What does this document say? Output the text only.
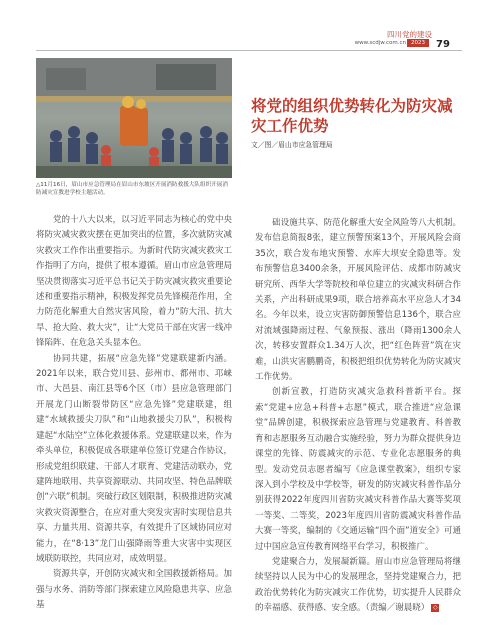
四川党的建设
www.scdjw.com.cn 2023	79
△11月16日，眉山市应急管理局在眉山市东坡区开展消防救援大队组织开展消防减灾宣教进学校主题活动。
将党的组织优势转化为防灾减灾工作优势
文／图／眉山市应急管理局

党的十八大以来，以习近平同志为核心的党中央将防灾减灾救灾摆在更加突出的位置，多次就防灾减灾救灾工作作出重要指示。为新时代防灾减灾救灾工作指明了方向，提供了根本遵循。眉山市应急管理局坚决贯彻落实习近平总书记关于防灾减灾救灾重要论述和重要指示精神，积极发挥党员先锋模范作用，全力防范化解重大自然灾害风险，着力“防大汛、抗大旱、抢大险、救大灾”，让“大党员干部在灾害一线冲锋陷阵、在危急关头显本色。

协同共建，拓展“应急先锋”党建联建新内涵。2021年以来，联合党川县、彭州市、都州市、邛崃市、大邑县、南江县等6个区（市）县应急管理部门开展龙门山断裂带防区“应急先锋”党建联建，组建“水域救援尖刀队”和“山地救援尖刀队”，积极构建起“水陆空”立体化救援体系。党建联建以来，作为牵头单位，积极促成各联建单位签订党建合作协议，形成党组织联建、干部人才联育、党建活动联办，党建阵地联用、共享资源联动、共同攻坚、特色品牌联创“六联”机制。突破行政区划限制，积极推进防灾减灾救灾资源整合，在应对重大突发灾害时实现信息共享、力量共用、资源共享，有效提升了区域协同应对能力，在“8·13”龙门山强降雨等重大灾害中实现区域联防联控，共同应对，成效明显。

资源共享，开创防灾减灾和全国救援新格局。加强与水务、消防等部门探索建立风险隐患共享、应急基

础设施共享、防范化解重大安全风险等八大机制。发布信息简报8张，建立预警预案13个，开展风险会商35次，联合发布地灾预警、水库大坝安全隐患等。发布预警信息3400余条，开展风险评估、成都市防减灾研究所、西华大学等院校和单位建立的灾减灾科研合作关系，产出科研成果9项，联合培养高水平应急人才34名。今年以来，设立灾害防御预警信息136个，联合应对流域强降雨过程、气象预报、涨出（降雨1300余人次，转移安置群众1.34万人次，把“红色阵营”筑在灾难，山洪灾害鹏鹏奇，积极把组织优势转化为防灾减灾工作优势。

创新宣教，打造防灾减灾急救科普新平台。探索“党建+应急+科普+志愿”模式，联合推进“应急课堂”品牌创建，积极探索应急管理与党建教育、科普教育和志愿服务互动融合实施经验，努力为群众提供身边课堂的先锋、防震减灾的示范、专业化志愿服务的典型。发动党员志愿者编写《应急课堂教案》，组织专家深入到小学校及中学校等，研发的防灾减灾科普作品分别获得2022年度四川省防灾减灾科普作品大赛等奖项一等奖、二等奖，2023年度四川省防震减灾科普作品大赛一等奖，编制的《交通运输“四个面”道安全》可通过中国应急宣传教育网络平台学习，积极推广。

党建聚合力，发展凝新篇。眉山市应急管理局将继续坚持以人民为中心的发展理念，坚持党建聚合力，把政治优势转化为防灾减灾工作优势，切实提升人民群众的幸福感、获得感、安全感。（责编／谢晨晓） ◇
